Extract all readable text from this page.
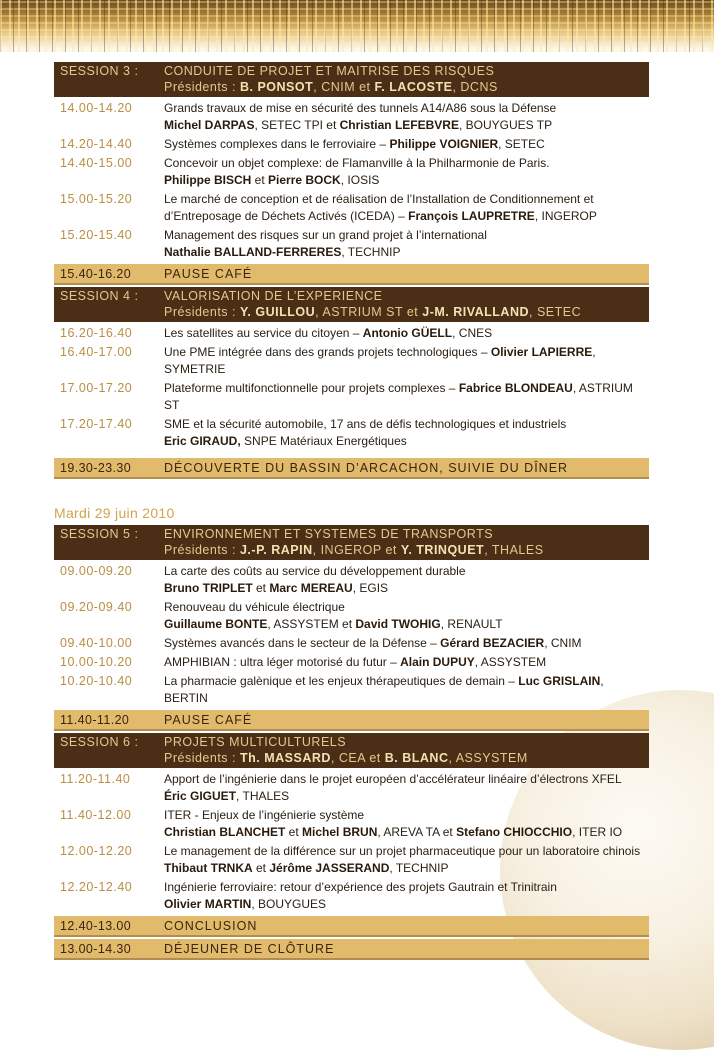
SESSION 3 :	CONDUITE DE PROJET ET MAITRISE DES RISQUES
Présidents : B. PONSOT, CNIM et F. LACOSTE, DCNS
14.00-14.20	Grands travaux de mise en sécurité des tunnels A14/A86 sous la Défense
Michel DARPAS, SETEC TPI et Christian LEFEBVRE, BOUYGUES TP
14.20-14.40	Systèmes complexes dans le ferroviaire – Philippe VOIGNIER, SETEC
14.40-15.00	Concevoir un objet complexe: de Flamanville à la Philharmonie de Paris.
Philippe BISCH et Pierre BOCK, IOSIS
15.00-15.20	Le marché de conception et de réalisation de l’Installation de Conditionnement et
d’Entreposage de Déchets Activés (ICEDA) – François LAUPRETRE, INGEROP
15.20-15.40	Management des risques sur un grand projet à l’international
Nathalie BALLAND-FERRERES, TECHNIP
15.40-16.20	PAUSE CAFÉ
SESSION 4 :	VALORISATION DE L’EXPERIENCE
Présidents : Y. GUILLOU, ASTRIUM ST et J-M. RIVALLAND, SETEC
16.20-16.40	Les satellites au service du citoyen – Antonio GÜELL, CNES
16.40-17.00	Une PME intégrée dans des grands projets technologiques – Olivier LAPIERRE, SYMETRIE
17.00-17.20	Plateforme multifonctionnelle pour projets complexes – Fabrice BLONDEAU, ASTRIUM ST
17.20-17.40	SME et la sécurité automobile, 17 ans de défis technologiques et industriels
Eric GIRAUD, SNPE Matériaux Energétiques
19.30-23.30	DÉCOUVERTE DU BASSIN D’ARCACHON, SUIVIE DU DÎNER
Mardi 29 juin 2010
SESSION 5 :	ENVIRONNEMENT ET SYSTEMES DE TRANSPORTS
Présidents : J.-P. RAPIN, INGEROP et Y. TRINQUET, THALES
09.00-09.20	La carte des coûts au service du développement durable
Bruno TRIPLET et Marc MEREAU, EGIS
09.20-09.40	Renouveau du véhicule électrique
Guillaume BONTE, ASSYSTEM et David TWOHIG, RENAULT
09.40-10.00	Systèmes avancés dans le secteur de la Défense – Gérard BEZACIER, CNIM
10.00-10.20	AMPHIBIAN : ultra léger motorisé du futur – Alain DUPUY, ASSYSTEM
10.20-10.40	La pharmacie galènique et les enjeux thérapeutiques de demain – Luc GRISLAIN, BERTIN
11.40-11.20	PAUSE CAFÉ
SESSION 6 :	PROJETS MULTICULTURELS
Présidents : Th. MASSARD, CEA et B. BLANC, ASSYSTEM
11.20-11.40	Apport de l’ingénierie dans le projet européen d’accélérateur linéaire d’électrons XFEL
Éric GIGUET, THALES
11.40-12.00	ITER - Enjeux de l’ingénierie système
Christian BLANCHET et Michel BRUN, AREVA TA et Stefano CHIOCCHIO, ITER IO
12.00-12.20	Le management de la différence sur un projet pharmaceutique pour un laboratoire chinois
Thibaut TRNKA et Jérôme JASSERAND, TECHNIP
12.20-12.40	Ingénierie ferroviaire: retour d’expérience des projets Gautrain et Trinitrain
Olivier MARTIN, BOUYGUES
12.40-13.00	CONCLUSION
13.00-14.30	DÉJEUNER DE CLÔTURE
